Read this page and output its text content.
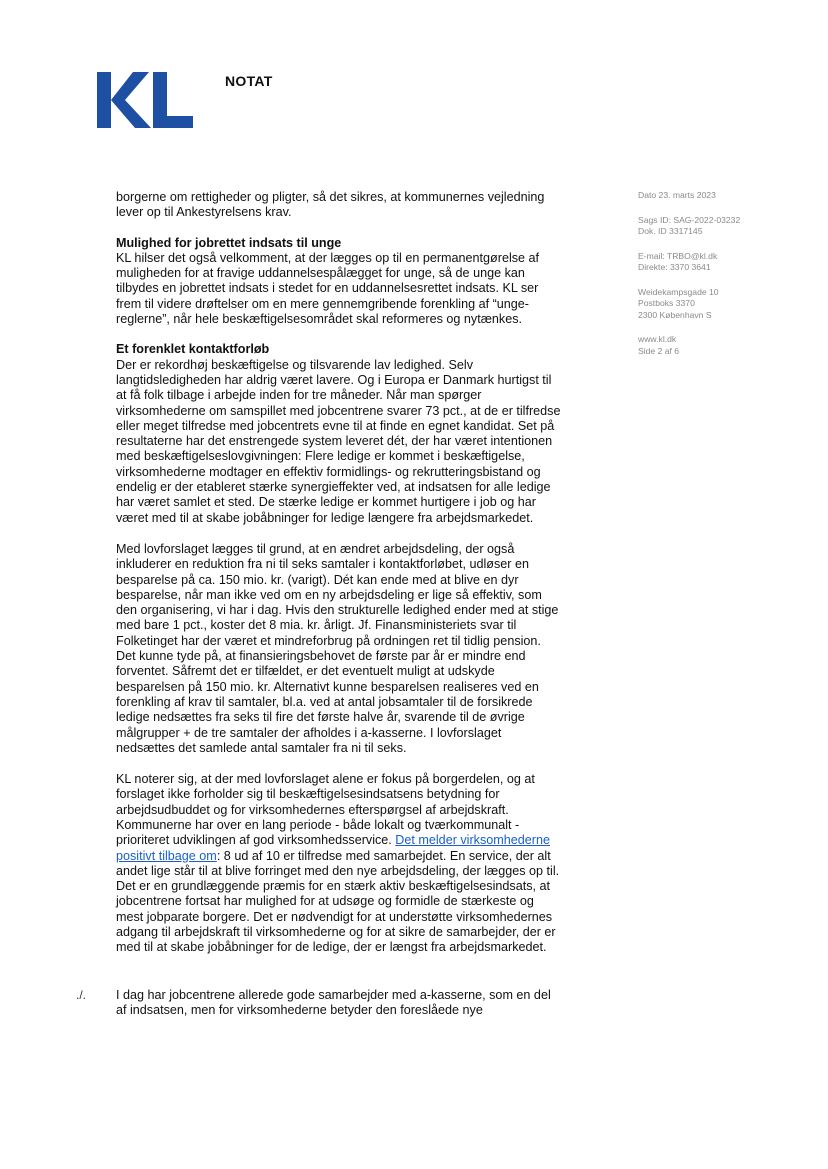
NOTAT

borgerne om rettigheder og pligter, så det sikres, at kommunernes vejledning lever op til Ankestyrelsens krav.

Mulighed for jobrettet indsats til unge

KL hilser det også velkomment, at der lægges op til en permanentgørelse af muligheden for at fravige uddannelsespålægget for unge, så de unge kan tilbydes en jobrettet indsats i stedet for en uddannelsesrettet indsats. KL ser frem til videre drøftelser om en mere gennemgribende forenkling af “unge-reglerne”, når hele beskæftigelsesområdet skal reformeres og nytænkes.

Et forenklet kontaktforløb

Der er rekordhøj beskæftigelse og tilsvarende lav ledighed. Selv langtidsledigheden har aldrig været lavere. Og i Europa er Danmark hurtigst til at få folk tilbage i arbejde inden for tre måneder. Når man spørger virksomhederne om samspillet med jobcentrene svarer 73 pct., at de er tilfredse eller meget tilfredse med jobcentrets evne til at finde en egnet kandidat. Set på resultaterne har det enstrengede system leveret dét, der har været intentionen med beskæftigelseslovgivningen: Flere ledige er kommet i beskæftigelse, virksomhederne modtager en effektiv formidlings- og rekrutteringsbistand og endelig er der etableret stærke synergieffekter ved, at indsatsen for alle ledige har været samlet et sted. De stærke ledige er kommet hurtigere i job og har været med til at skabe jobåbninger for ledige længere fra arbejdsmarkedet.

Med lovforslaget lægges til grund, at en ændret arbejdsdeling, der også inkluderer en reduktion fra ni til seks samtaler i kontaktforløbet, udløser en besparelse på ca. 150 mio. kr. (varigt). Dét kan ende med at blive en dyr besparelse, når man ikke ved om en ny arbejdsdeling er lige så effektiv, som den organisering, vi har i dag. Hvis den strukturelle ledighed ender med at stige med bare 1 pct., koster det 8 mia. kr. årligt. Jf. Finansministeriets svar til Folketinget har der været et mindreforbrug på ordningen ret til tidlig pension. Det kunne tyde på, at finansieringsbehovet de første par år er mindre end forventet. Såfremt det er tilfældet, er det eventuelt muligt at udskyde besparelsen på 150 mio. kr. Alternativt kunne besparelsen realiseres ved en forenkling af krav til samtaler, bl.a. ved at antal jobsamtaler til de forsikrede ledige nedsættes fra seks til fire det første halve år, svarende til de øvrige målgrupper + de tre samtaler der afholdes i a-kasserne. I lovforslaget nedsættes det samlede antal samtaler fra ni til seks.

KL noterer sig, at der med lovforslaget alene er fokus på borgerdelen, og at forslaget ikke forholder sig til beskæftigelsesindsatsens betydning for arbejdsudbuddet og for virksomhedernes efterspørgsel af arbejdskraft. Kommunerne har over en lang periode - både lokalt og tværkommunalt - prioriteret udviklingen af god virksomhedsservice. Det melder virksomhederne positivt tilbage om: 8 ud af 10 er tilfredse med samarbejdet. En service, der alt andet lige står til at blive forringet med den nye arbejdsdeling, der lægges op til. Det er en grundlæggende præmis for en stærk aktiv beskæftigelsesindsats, at jobcentrene fortsat har mulighed for at udsøge og formidle de stærkeste og mest jobparate borgere. Det er nødvendigt for at understøtte virksomhedernes adgang til arbejdskraft til virksomhederne og for at sikre de samarbejder, der er med til at skabe jobåbninger for de ledige, der er længst fra arbejdsmarkedet.

./. I dag har jobcentrene allerede gode samarbejder med a-kasserne, som en del af indsatsen, men for virksomhederne betyder den foreslåede nye

Dato 23. marts 2023
Sags ID: SAG-2022-03232
Dok. ID 3317145
E-mail: TRBO@kl.dk
Direkte: 3370 3641
Weidekampsgade 10
Postboks 3370
2300 København S
www.kl.dk
Side 2 af 6
